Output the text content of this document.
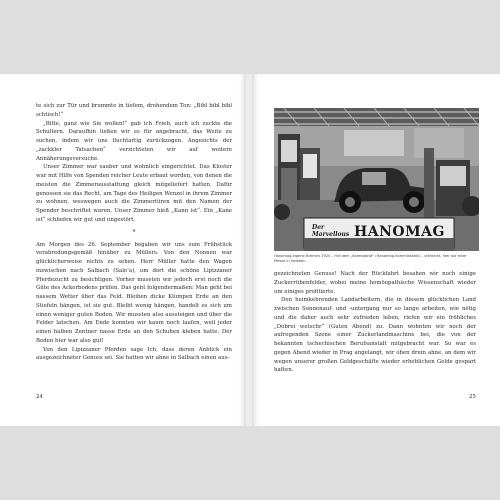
te sich zur Tür und brummte in tiefem, drohendem Ton: „Bibl bibl bibl schtisch!“

„Bitte, ganz wie Sie wollen!“ gab ich Frieb, auch ich zuckte die Schultern. Daraufhin ließen wir es für angebracht, das Weite zu suchen, indem wir uns fluchtartig zurückzogen. Angesichts der „zackkler Tatsachen“ verzichteten wir auf weitere Annäherungsversuche.

Unser Zimmer war sauber und wohnlich eingerichtet. Das Kloster war mit Hilfe von Spenden reicher Leute erbaut worden, von denen die meisten die Zimmerausstattung gleich mitgeliefert hatten. Dafür genossen sie das Recht, am Tage des Heiligen Wenzel in ihrem Zimmer zu wohnen, weswegen auch die Zimmertüren mit den Namen der Spender beschriftet waren. Unser Zimmer hieß „Kann ist“. Ein „Kane ist“ schliefen wir gut und ungestört.

*

Am Morgen des 26. September begaben wir uns zum Frühstück verabredungsgemäß hinüber zu Müllers. Von den Nonnen war glücklicherweise nichts zu sehen. Herr Müller hatte den Wagen inzwischen nach Salbach (Salo’a), um dort die schöne Lipizzaner Pferdezucht zu besichtigen. Vorher mussten wir jedoch erst noch die Güte des Ackerbodens prüfen. Das geht folgendermaßen: Man geht bei nassem Wetter über das Feld. Bleiben dicke Klumpen Erde an den Stiefeln hängen, ist sie gut. Bleibt wenig hängen, handelt es sich um einen weniger guten Boden. Wir mussten also aussteigen und über die Felder latschen. Am Ende konnten wir kaum noch laufen, weil jeder einen halben Zentner nasse Erde an den Schuhen kleben hatte. Der Boden hier war also gut!

Von den Lipizzaner Pferden sage Ich, dass deren Anblick ein ausgezeichneter Genuss sei. Sie hatten wir ahne in Salbach einen aus-

24
Der
Marvellous HANOMAG
Hanomag-eigene Bremen 1925 – mit dem „Komissbrot“ (Hanomag-Kommissbrot) – vielleicht, hier auf einer Messe in Holstein

gezeichneten Genuss! Nach der Rückfahrt besahen wir noch einige Zuckerrübenfelder, wobei meine homöopathische Wissenschaft wieder um einiges profitierte.

Den heimkehrenden Landarbeitern, die in diesem glücklichen Land zwischen Sonnenauf- und -untergang nur so lange arbeiten, wie nötig und die daher auch sehr zufrieden leben, riefen wir ein fröhliches „Dobrei wetschr“ (Guten Abend) zu. Dann wohnten wir noch der aufregenden Szene einer Zuckerlandmaschine bei, die von der bekannten tschechischen Berufsanstalt mitgebracht war. So war es gegen Abend wieder in Prag angelangt, wir oben drein ahne, an dem wir wegen unserer großen Geldgeschäfte wieder erheblichen Gelde gespart hatten.

25
